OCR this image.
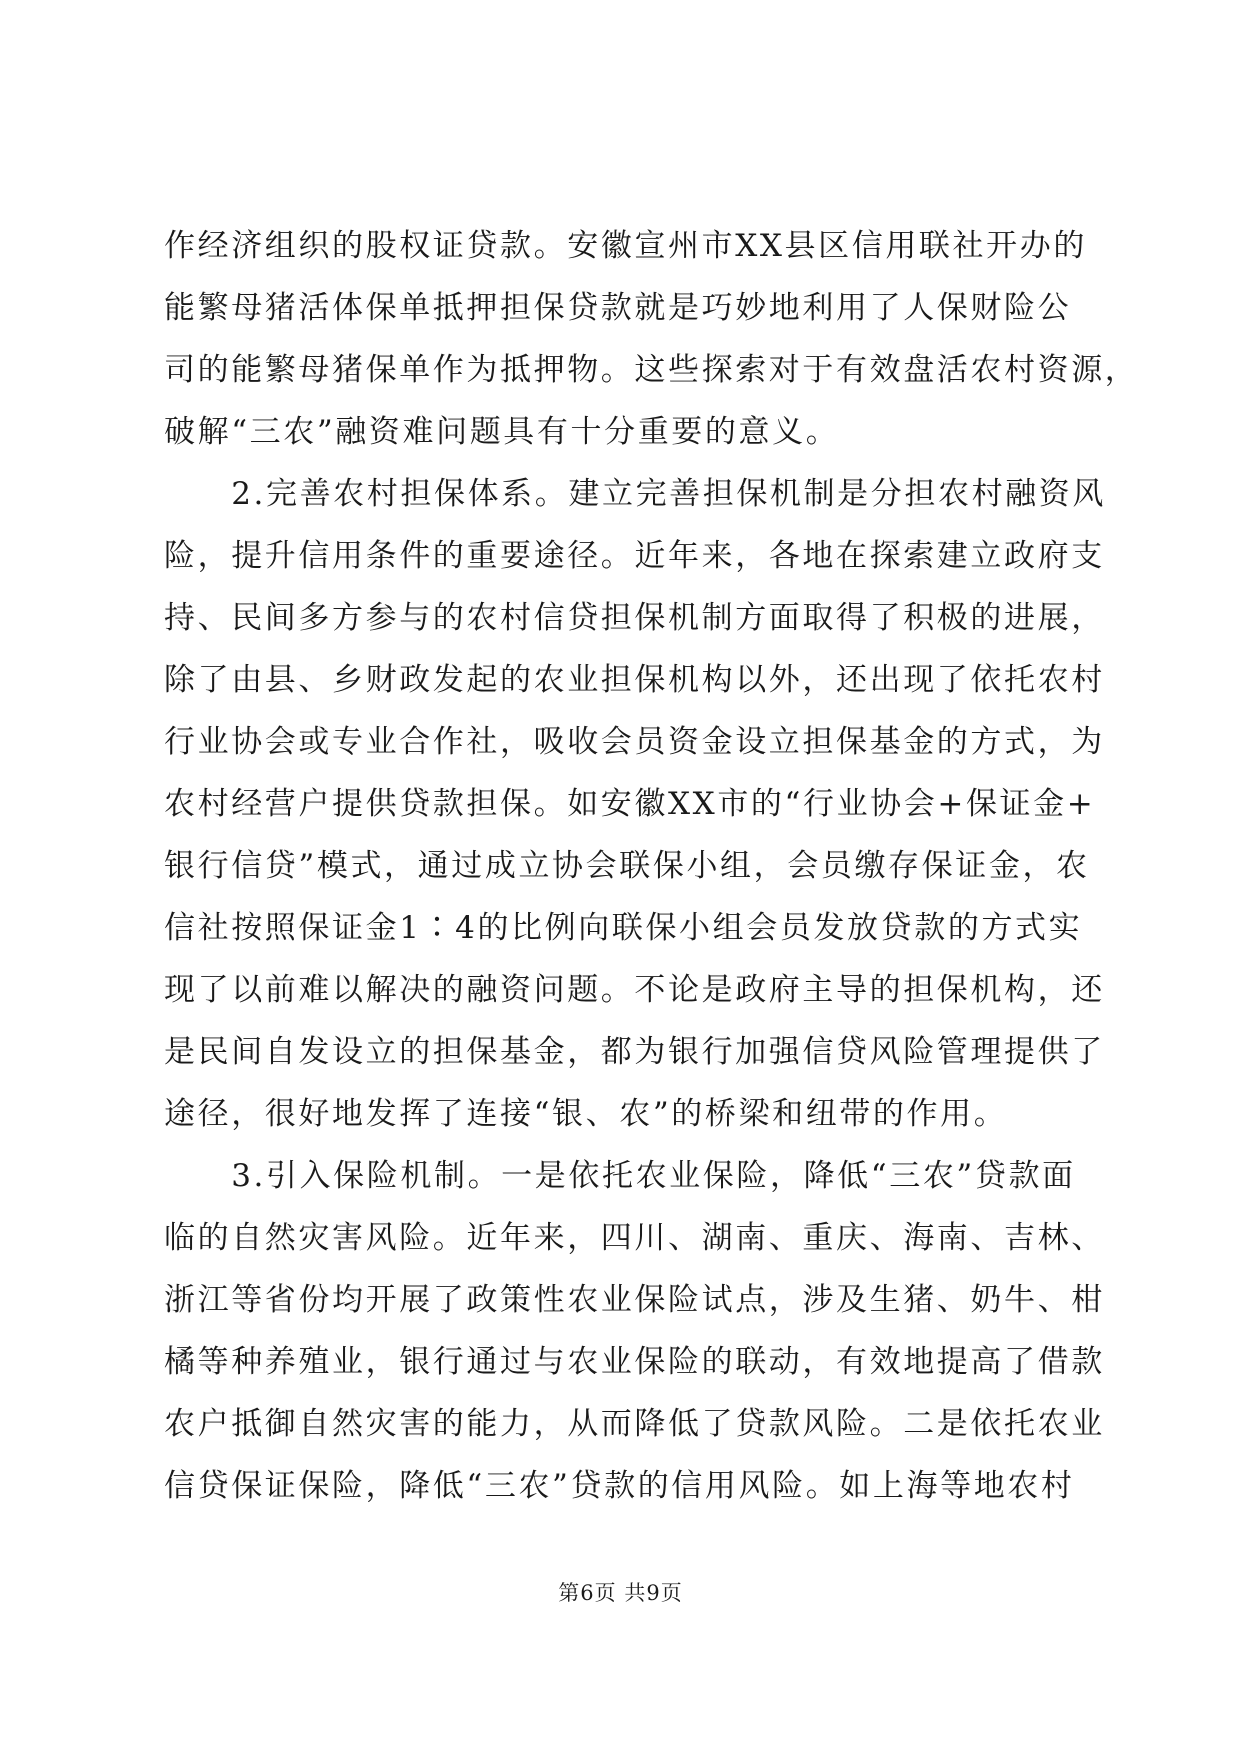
作经济组织的股权证贷款。安徽宣州市XX县区信用联社开办的
能繁母猪活体保单抵押担保贷款就是巧妙地利用了人保财险公
司的能繁母猪保单作为抵押物。这些探索对于有效盘活农村资源，
破解“三农”融资难问题具有十分重要的意义。
　　2.完善农村担保体系。建立完善担保机制是分担农村融资风
险，提升信用条件的重要途径。近年来，各地在探索建立政府支
持、民间多方参与的农村信贷担保机制方面取得了积极的进展，
除了由县、乡财政发起的农业担保机构以外，还出现了依托农村
行业协会或专业合作社，吸收会员资金设立担保基金的方式，为
农村经营户提供贷款担保。如安徽XX市的“行业协会+保证金+
银行信贷”模式，通过成立协会联保小组，会员缴存保证金，农
信社按照保证金1∶4的比例向联保小组会员发放贷款的方式实
现了以前难以解决的融资问题。不论是政府主导的担保机构，还
是民间自发设立的担保基金，都为银行加强信贷风险管理提供了
途径，很好地发挥了连接“银、农”的桥梁和纽带的作用。
　　3.引入保险机制。一是依托农业保险，降低“三农”贷款面
临的自然灾害风险。近年来，四川、湖南、重庆、海南、吉林、
浙江等省份均开展了政策性农业保险试点，涉及生猪、奶牛、柑
橘等种养殖业，银行通过与农业保险的联动，有效地提高了借款
农户抵御自然灾害的能力，从而降低了贷款风险。二是依托农业
信贷保证保险，降低“三农”贷款的信用风险。如上海等地农村
第6页 共9页
